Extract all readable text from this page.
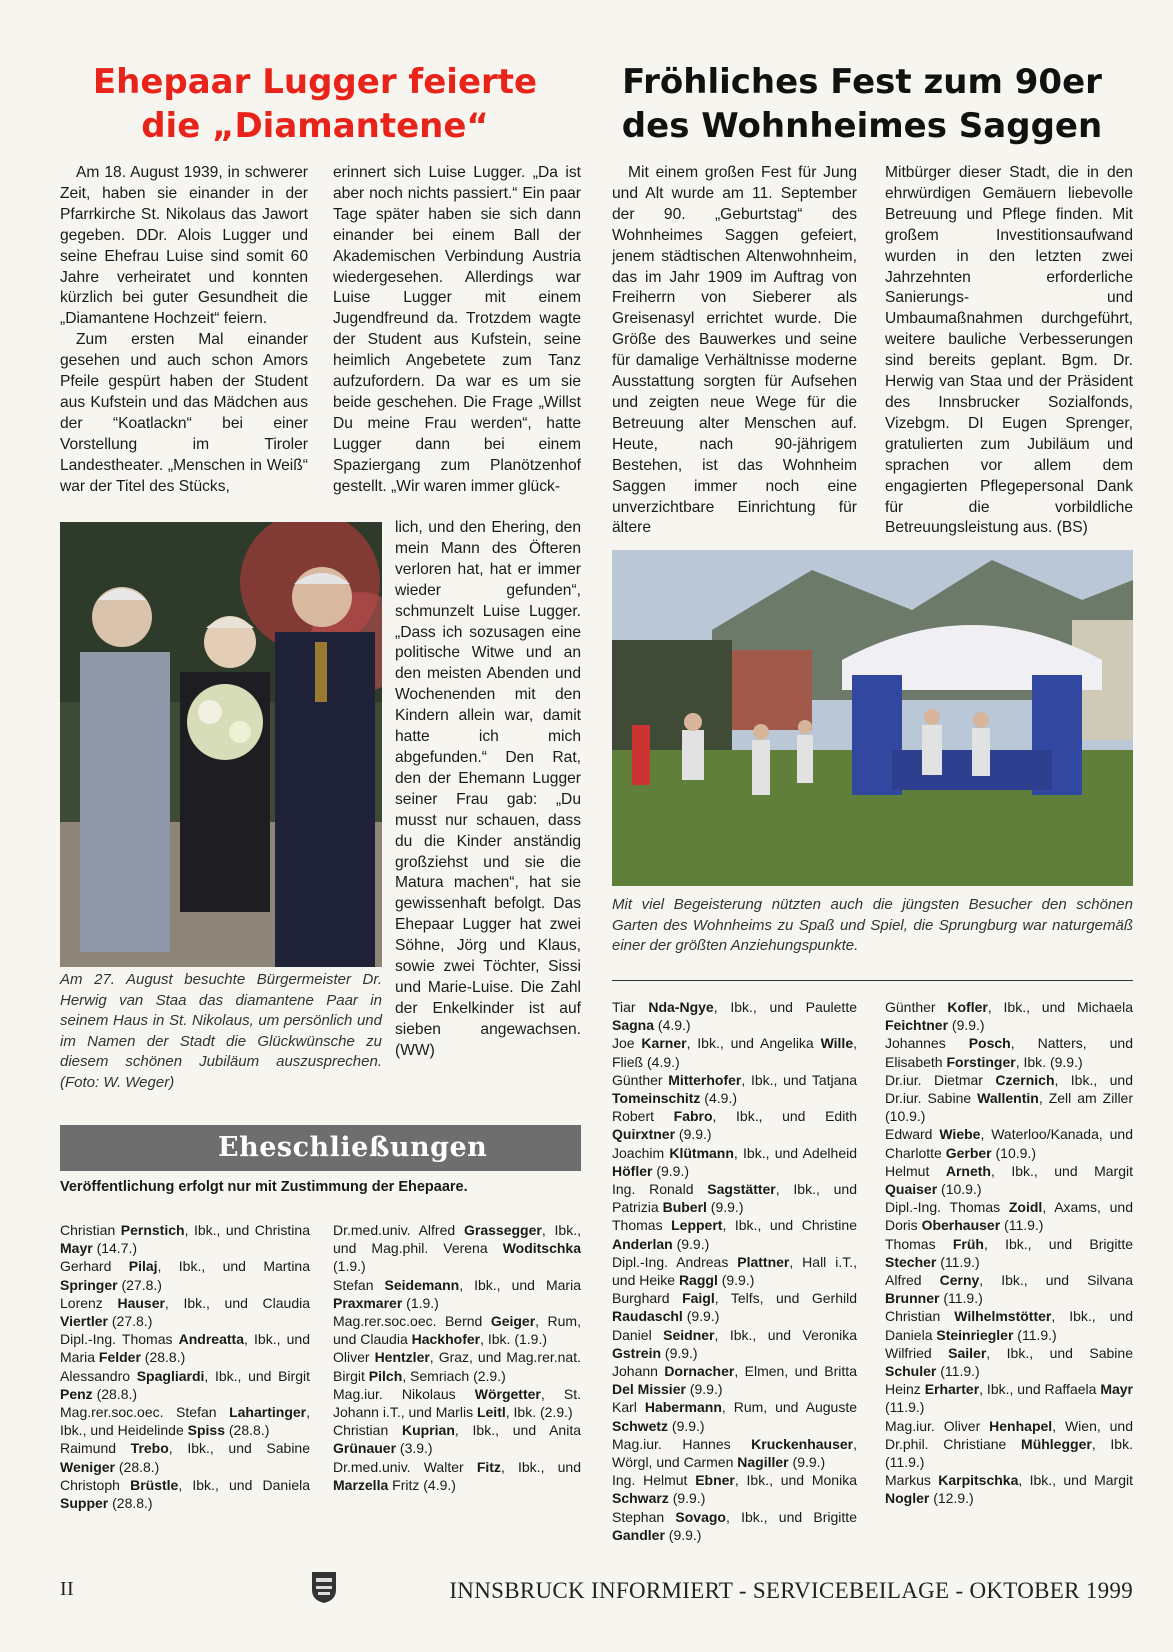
Ehepaar Lugger feierte
die „Diamantene“

Am 18. August 1939, in schwerer Zeit, haben sie einander in der Pfarrkirche St. Nikolaus das Jawort gegeben. DDr. Alois Lugger und seine Ehefrau Luise sind somit 60 Jahre verheiratet und konnten kürzlich bei guter Gesundheit die „Diamantene Hochzeit“ feiern.

Zum ersten Mal einander gesehen und auch schon Amors Pfeile gespürt haben der Student aus Kufstein und das Mädchen aus der “Koatlackn“ bei einer Vorstellung im Tiroler Landestheater. „Menschen in Weiß“ war der Titel des Stücks,

erinnert sich Luise Lugger. „Da ist aber noch nichts passiert.“ Ein paar Tage später haben sie sich dann einander bei einem Ball der Akademischen Verbindung Austria wiedergesehen. Allerdings war Luise Lugger mit einem Jugendfreund da. Trotzdem wagte der Student aus Kufstein, seine heimlich Angebetete zum Tanz aufzufordern. Da war es um sie beide geschehen. Die Frage „Willst Du meine Frau werden“, hatte Lugger dann bei einem Spaziergang zum Planötzenhof gestellt. „Wir waren immer glück-

lich, und den Ehering, den mein Mann des Öfteren verloren hat, hat er immer wieder gefunden“, schmunzelt Luise Lugger. „Dass ich sozusagen eine politische Witwe und an den meisten Abenden und Wochenenden mit den Kindern allein war, damit hatte ich mich abgefunden.“ Den Rat, den der Ehemann Lugger seiner Frau gab: „Du musst nur schauen, dass du die Kinder anständig großziehst und sie die Matura machen“, hat sie gewissenhaft befolgt. Das Ehepaar Lugger hat zwei Söhne, Jörg und Klaus, sowie zwei Töchter, Sissi und Marie-Luise. Die Zahl der Enkelkinder ist auf sieben angewachsen. (WW)

Am 27. August besuchte Bürgermeister Dr. Herwig van Staa das diamantene Paar in seinem Haus in St. Nikolaus, um persönlich und im Namen der Stadt die Glückwünsche zu diesem schönen Jubiläum auszusprechen. (Foto: W. Weger)
Fröhliches Fest zum 90er
des Wohnheimes Saggen

Mit einem großen Fest für Jung und Alt wurde am 11. September der 90. „Geburtstag“ des Wohnheimes Saggen gefeiert, jenem städtischen Altenwohnheim, das im Jahr 1909 im Auftrag von Freiherrn von Sieberer als Greisenasyl errichtet wurde. Die Größe des Bauwerkes und seine für damalige Verhältnisse moderne Ausstattung sorgten für Aufsehen und zeigten neue Wege für die Betreuung alter Menschen auf. Heute, nach 90-jährigem Bestehen, ist das Wohnheim Saggen immer noch eine unverzichtbare Einrichtung für ältere

Mitbürger dieser Stadt, die in den ehrwürdigen Gemäuern liebevolle Betreuung und Pflege finden. Mit großem Investitionsaufwand wurden in den letzten zwei Jahrzehnten erforderliche Sanierungs- und Umbaumaßnahmen durchgeführt, weitere bauliche Verbesserungen sind bereits geplant. Bgm. Dr. Herwig van Staa und der Präsident des Innsbrucker Sozialfonds, Vizebgm. DI Eugen Sprenger, gratulierten zum Jubiläum und sprachen vor allem dem engagierten Pflegepersonal Dank für die vorbildliche Betreuungsleistung aus. (BS)

Mit viel Begeisterung nützten auch die jüngsten Besucher den schönen Garten des Wohnheims zu Spaß und Spiel, die Sprungburg war naturgemäß einer der größten Anziehungspunkte.
Eheschließungen
Veröffentlichung erfolgt nur mit Zustimmung der Ehepaare.
Christian Pernstich, Ibk., und Christina Mayr (14.7.)
Gerhard Pilaj, Ibk., und Martina Springer (27.8.)
Lorenz Hauser, Ibk., und Claudia Viertler (27.8.)
Dipl.-Ing. Thomas Andreatta, Ibk., und Maria Felder (28.8.)
Alessandro Spagliardi, Ibk., und Birgit Penz (28.8.)
Mag.rer.soc.oec. Stefan Lahartinger, Ibk., und Heidelinde Spiss (28.8.)
Raimund Trebo, Ibk., und Sabine Weniger (28.8.)
Christoph Brüstle, Ibk., und Daniela Supper (28.8.)
Dr.med.univ. Alfred Grassegger, Ibk., und Mag.phil. Verena Woditschka (1.9.)
Stefan Seidemann, Ibk., und Maria Praxmarer (1.9.)
Mag.rer.soc.oec. Bernd Geiger, Rum, und Claudia Hackhofer, Ibk. (1.9.)
Oliver Hentzler, Graz, und Mag.rer.nat. Birgit Pilch, Semriach (2.9.)
Mag.iur. Nikolaus Wörgetter, St. Johann i.T., und Marlis Leitl, Ibk. (2.9.)
Christian Kuprian, Ibk., und Anita Grünauer (3.9.)
Dr.med.univ. Walter Fitz, Ibk., und Marzella Fritz (4.9.)
Tiar Nda-Ngye, Ibk., und Paulette Sagna (4.9.)
Joe Karner, Ibk., und Angelika Wille, Fließ (4.9.)
Günther Mitterhofer, Ibk., und Tatjana Tomeinschitz (4.9.)
Robert Fabro, Ibk., und Edith Quirxtner (9.9.)
Joachim Klütmann, Ibk., und Adelheid Höfler (9.9.)
Ing. Ronald Sagstätter, Ibk., und Patrizia Buberl (9.9.)
Thomas Leppert, Ibk., und Christine Anderlan (9.9.)
Dipl.-Ing. Andreas Plattner, Hall i.T., und Heike Raggl (9.9.)
Burghard Faigl, Telfs, und Gerhild Raudaschl (9.9.)
Daniel Seidner, Ibk., und Veronika Gstrein (9.9.)
Johann Dornacher, Elmen, und Britta Del Missier (9.9.)
Karl Habermann, Rum, und Auguste Schwetz (9.9.)
Mag.iur. Hannes Kruckenhauser, Wörgl, und Carmen Nagiller (9.9.)
Ing. Helmut Ebner, Ibk., und Monika Schwarz (9.9.)
Stephan Sovago, Ibk., und Brigitte Gandler (9.9.)
Günther Kofler, Ibk., und Michaela Feichtner (9.9.)
Johannes Posch, Natters, und Elisabeth Forstinger, Ibk. (9.9.)
Dr.iur. Dietmar Czernich, Ibk., und Dr.iur. Sabine Wallentin, Zell am Ziller (10.9.)
Edward Wiebe, Waterloo/Kanada, und Charlotte Gerber (10.9.)
Helmut Arneth, Ibk., und Margit Quaiser (10.9.)
Dipl.-Ing. Thomas Zoidl, Axams, und Doris Oberhauser (11.9.)
Thomas Früh, Ibk., und Brigitte Stecher (11.9.)
Alfred Cerny, Ibk., und Silvana Brunner (11.9.)
Christian Wilhelmstötter, Ibk., und Daniela Steinriegler (11.9.)
Wilfried Sailer, Ibk., und Sabine Schuler (11.9.)
Heinz Erharter, Ibk., und Raffaela Mayr (11.9.)
Mag.iur. Oliver Henhapel, Wien, und Dr.phil. Christiane Mühlegger, Ibk. (11.9.)
Markus Karpitschka, Ibk., und Margit Nogler (12.9.)
II	INNSBRUCK INFORMIERT - SERVICEBEILAGE - OKTOBER 1999
